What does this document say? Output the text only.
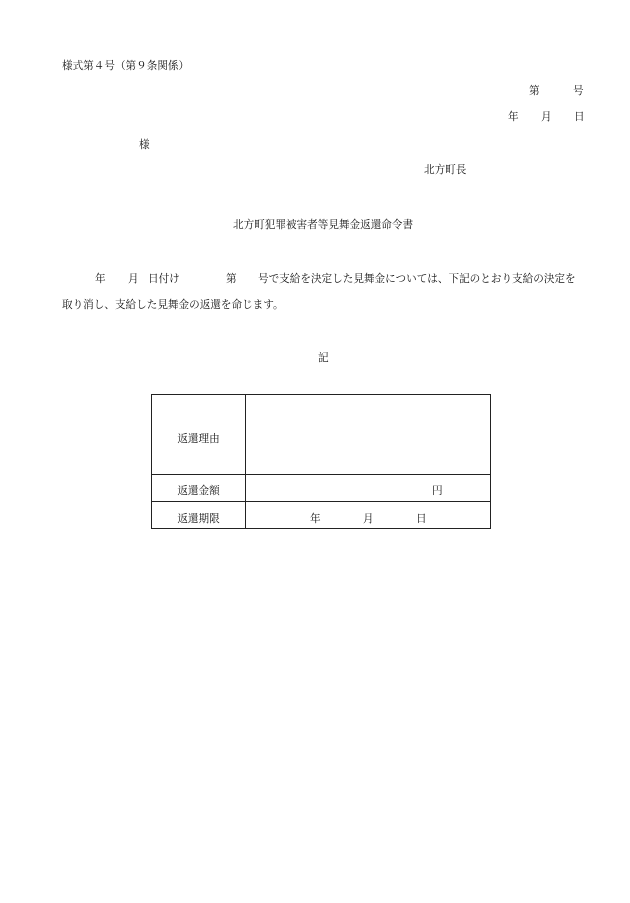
様式第４号（第９条関係）
第	号
年 月 日
様
北方町長
北方町犯罪被害者等見舞金返還命令書
年 月 日付け	第 号で支給を決定した見舞金については、下記のとおり支給の決定を
取り消し、支給した見舞金の返還を命じます。
記
返還理由
返還金額	円
返還期限	年	月	日
